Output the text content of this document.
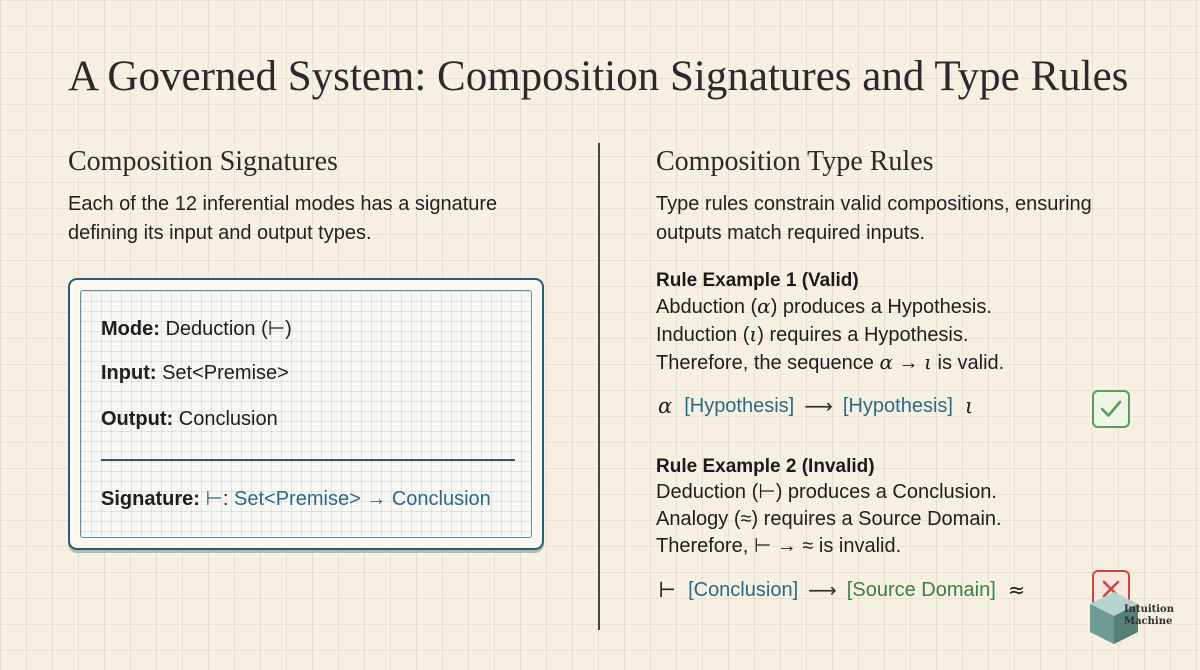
A Governed System: Composition Signatures and Type Rules
Composition Signatures

Each of the 12 inferential modes has a signature defining its input and output types.

Mode: Deduction (⊢)
Input: Set<Premise>
Output: Conclusion
Signature: ⊢: Set<Premise> → Conclusion
Composition Type Rules

Type rules constrain valid compositions, ensuring outputs match required inputs.

Rule Example 1 (Valid)
Abduction (α) produces a Hypothesis.
Induction (ι) requires a Hypothesis.
Therefore, the sequence α → ι is valid.
α [Hypothesis] ⟶ [Hypothesis] ι
Rule Example 2 (Invalid)
Deduction (⊢) produces a Conclusion.
Analogy (≈) requires a Source Domain.
Therefore, ⊢ → ≈ is invalid.
⊢ [Conclusion] ⟶ [Source Domain] ≈
Intuition
Machine
